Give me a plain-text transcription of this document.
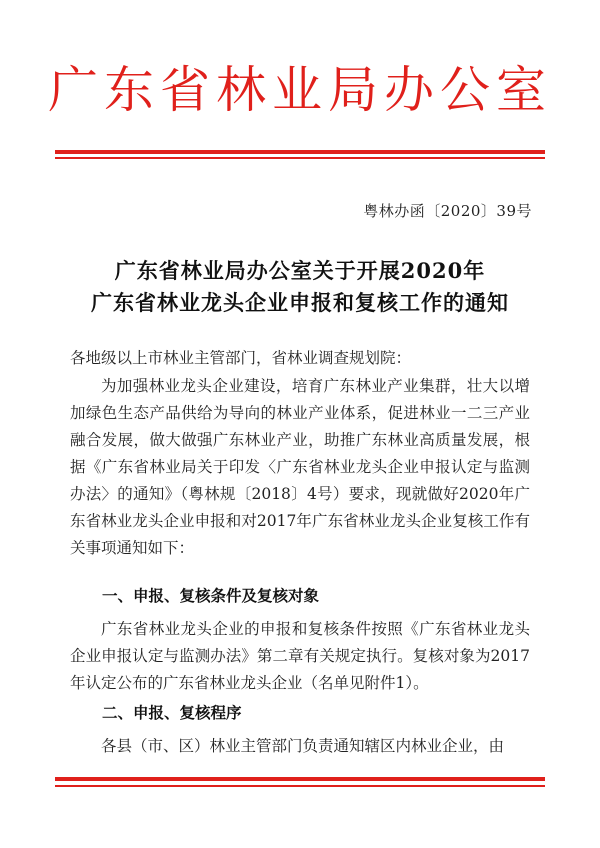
广东省林业局办公室
粤林办函〔2020〕39号
广东省林业局办公室关于开展2020年
广东省林业龙头企业申报和复核工作的通知
各地级以上市林业主管部门，省林业调查规划院：

为加强林业龙头企业建设，培育广东林业产业集群，壮大以增加绿色生态产品供给为导向的林业产业体系，促进林业一二三产业融合发展，做大做强广东林业产业，助推广东林业高质量发展，根据《广东省林业局关于印发〈广东省林业龙头企业申报认定与监测办法〉的通知》（粤林规〔2018〕4号）要求，现就做好2020年广东省林业龙头企业申报和对2017年广东省林业龙头企业复核工作有关事项通知如下：

一、申报、复核条件及复核对象

广东省林业龙头企业的申报和复核条件按照《广东省林业龙头企业申报认定与监测办法》第二章有关规定执行。复核对象为2017年认定公布的广东省林业龙头企业（名单见附件1）。

二、申报、复核程序

各县（市、区）林业主管部门负责通知辖区内林业企业，由
